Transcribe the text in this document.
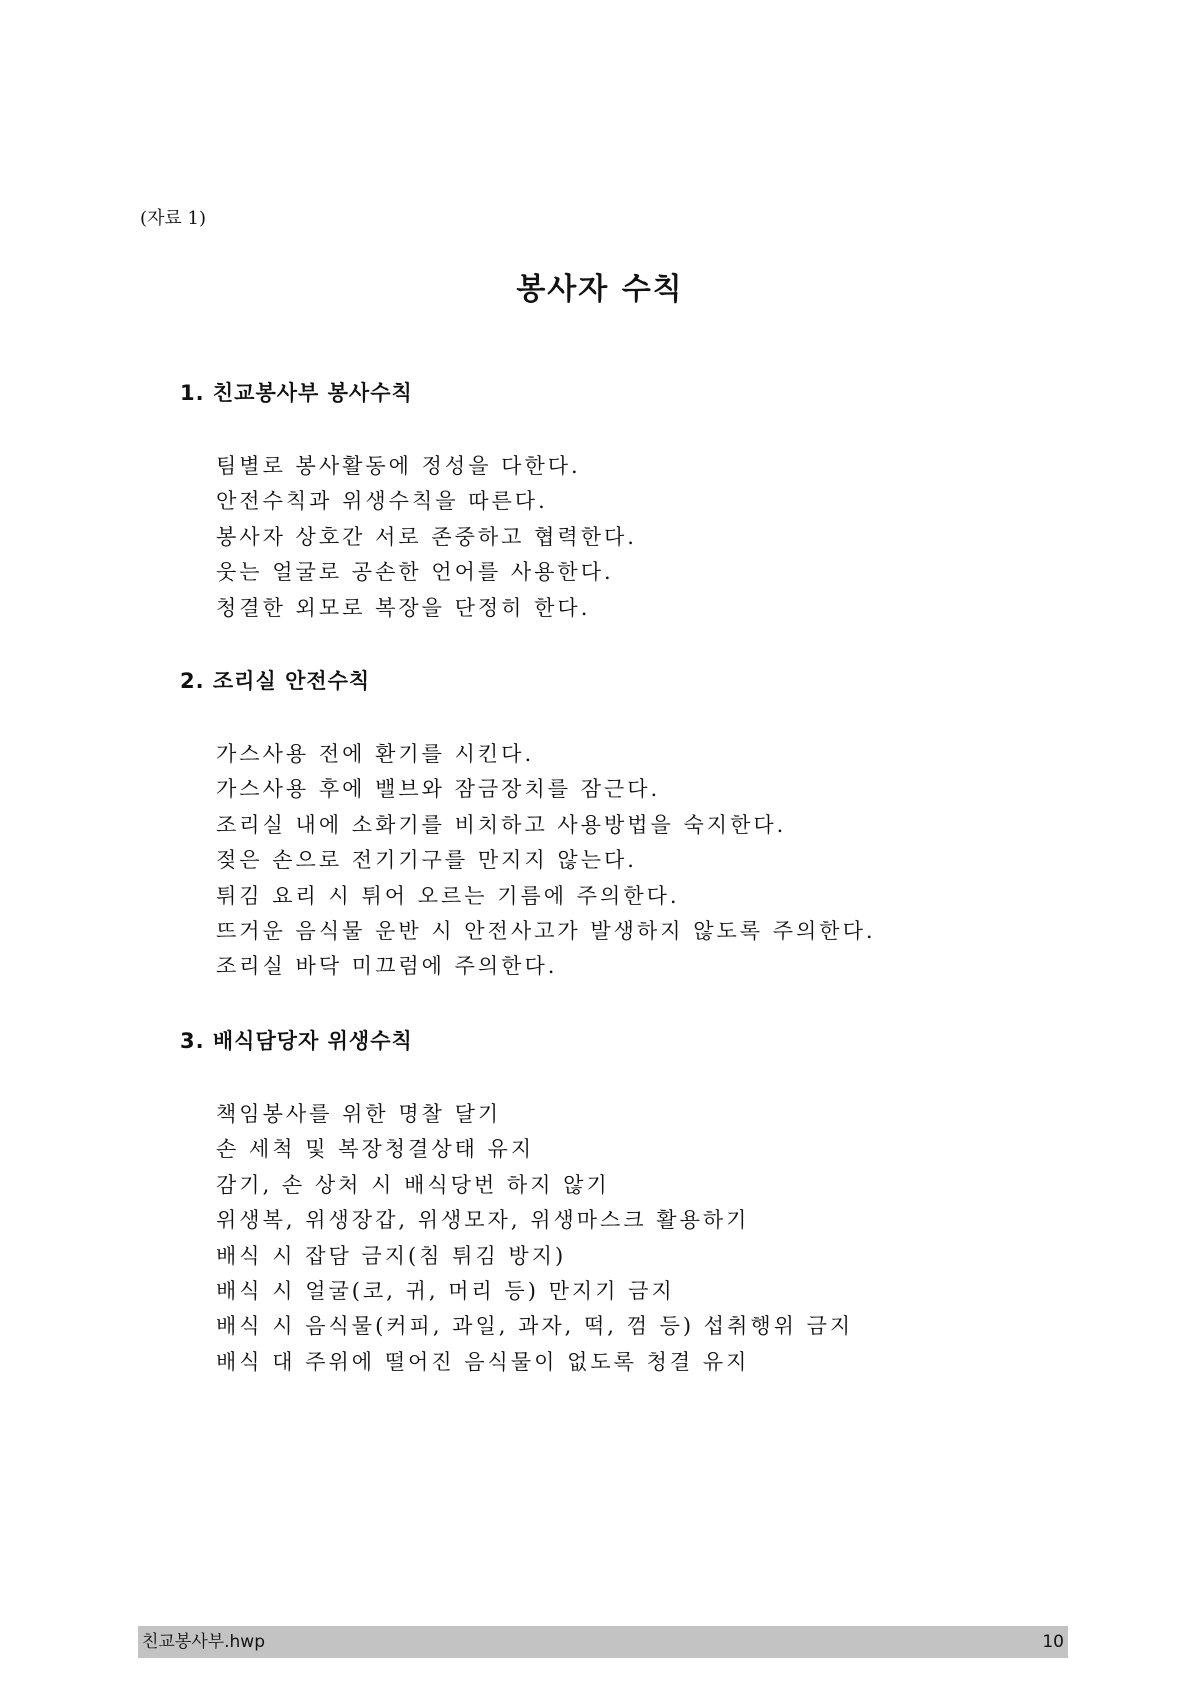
(자료 1)
봉사자 수칙
1. 친교봉사부 봉사수칙
팀별로 봉사활동에 정성을 다한다.
안전수칙과 위생수칙을 따른다.
봉사자 상호간 서로 존중하고 협력한다.
웃는 얼굴로 공손한 언어를 사용한다.
청결한 외모로 복장을 단정히 한다.
2. 조리실 안전수칙
가스사용 전에 환기를 시킨다.
가스사용 후에 밸브와 잠금장치를 잠근다.
조리실 내에 소화기를 비치하고 사용방법을 숙지한다.
젖은 손으로 전기기구를 만지지 않는다.
튀김 요리 시 튀어 오르는 기름에 주의한다.
뜨거운 음식물 운반 시 안전사고가 발생하지 않도록 주의한다.
조리실 바닥 미끄럼에 주의한다.
3. 배식담당자 위생수칙
책임봉사를 위한 명찰 달기
손 세척 및 복장청결상태 유지
감기, 손 상처 시 배식당번 하지 않기
위생복, 위생장갑, 위생모자, 위생마스크 활용하기
배식 시 잡담 금지(침 튀김 방지)
배식 시 얼굴(코, 귀, 머리 등) 만지기 금지
배식 시 음식물(커피, 과일, 과자, 떡, 껌 등) 섭취행위 금지
배식 대 주위에 떨어진 음식물이 없도록 청결 유지
친교봉사부.hwp	10
